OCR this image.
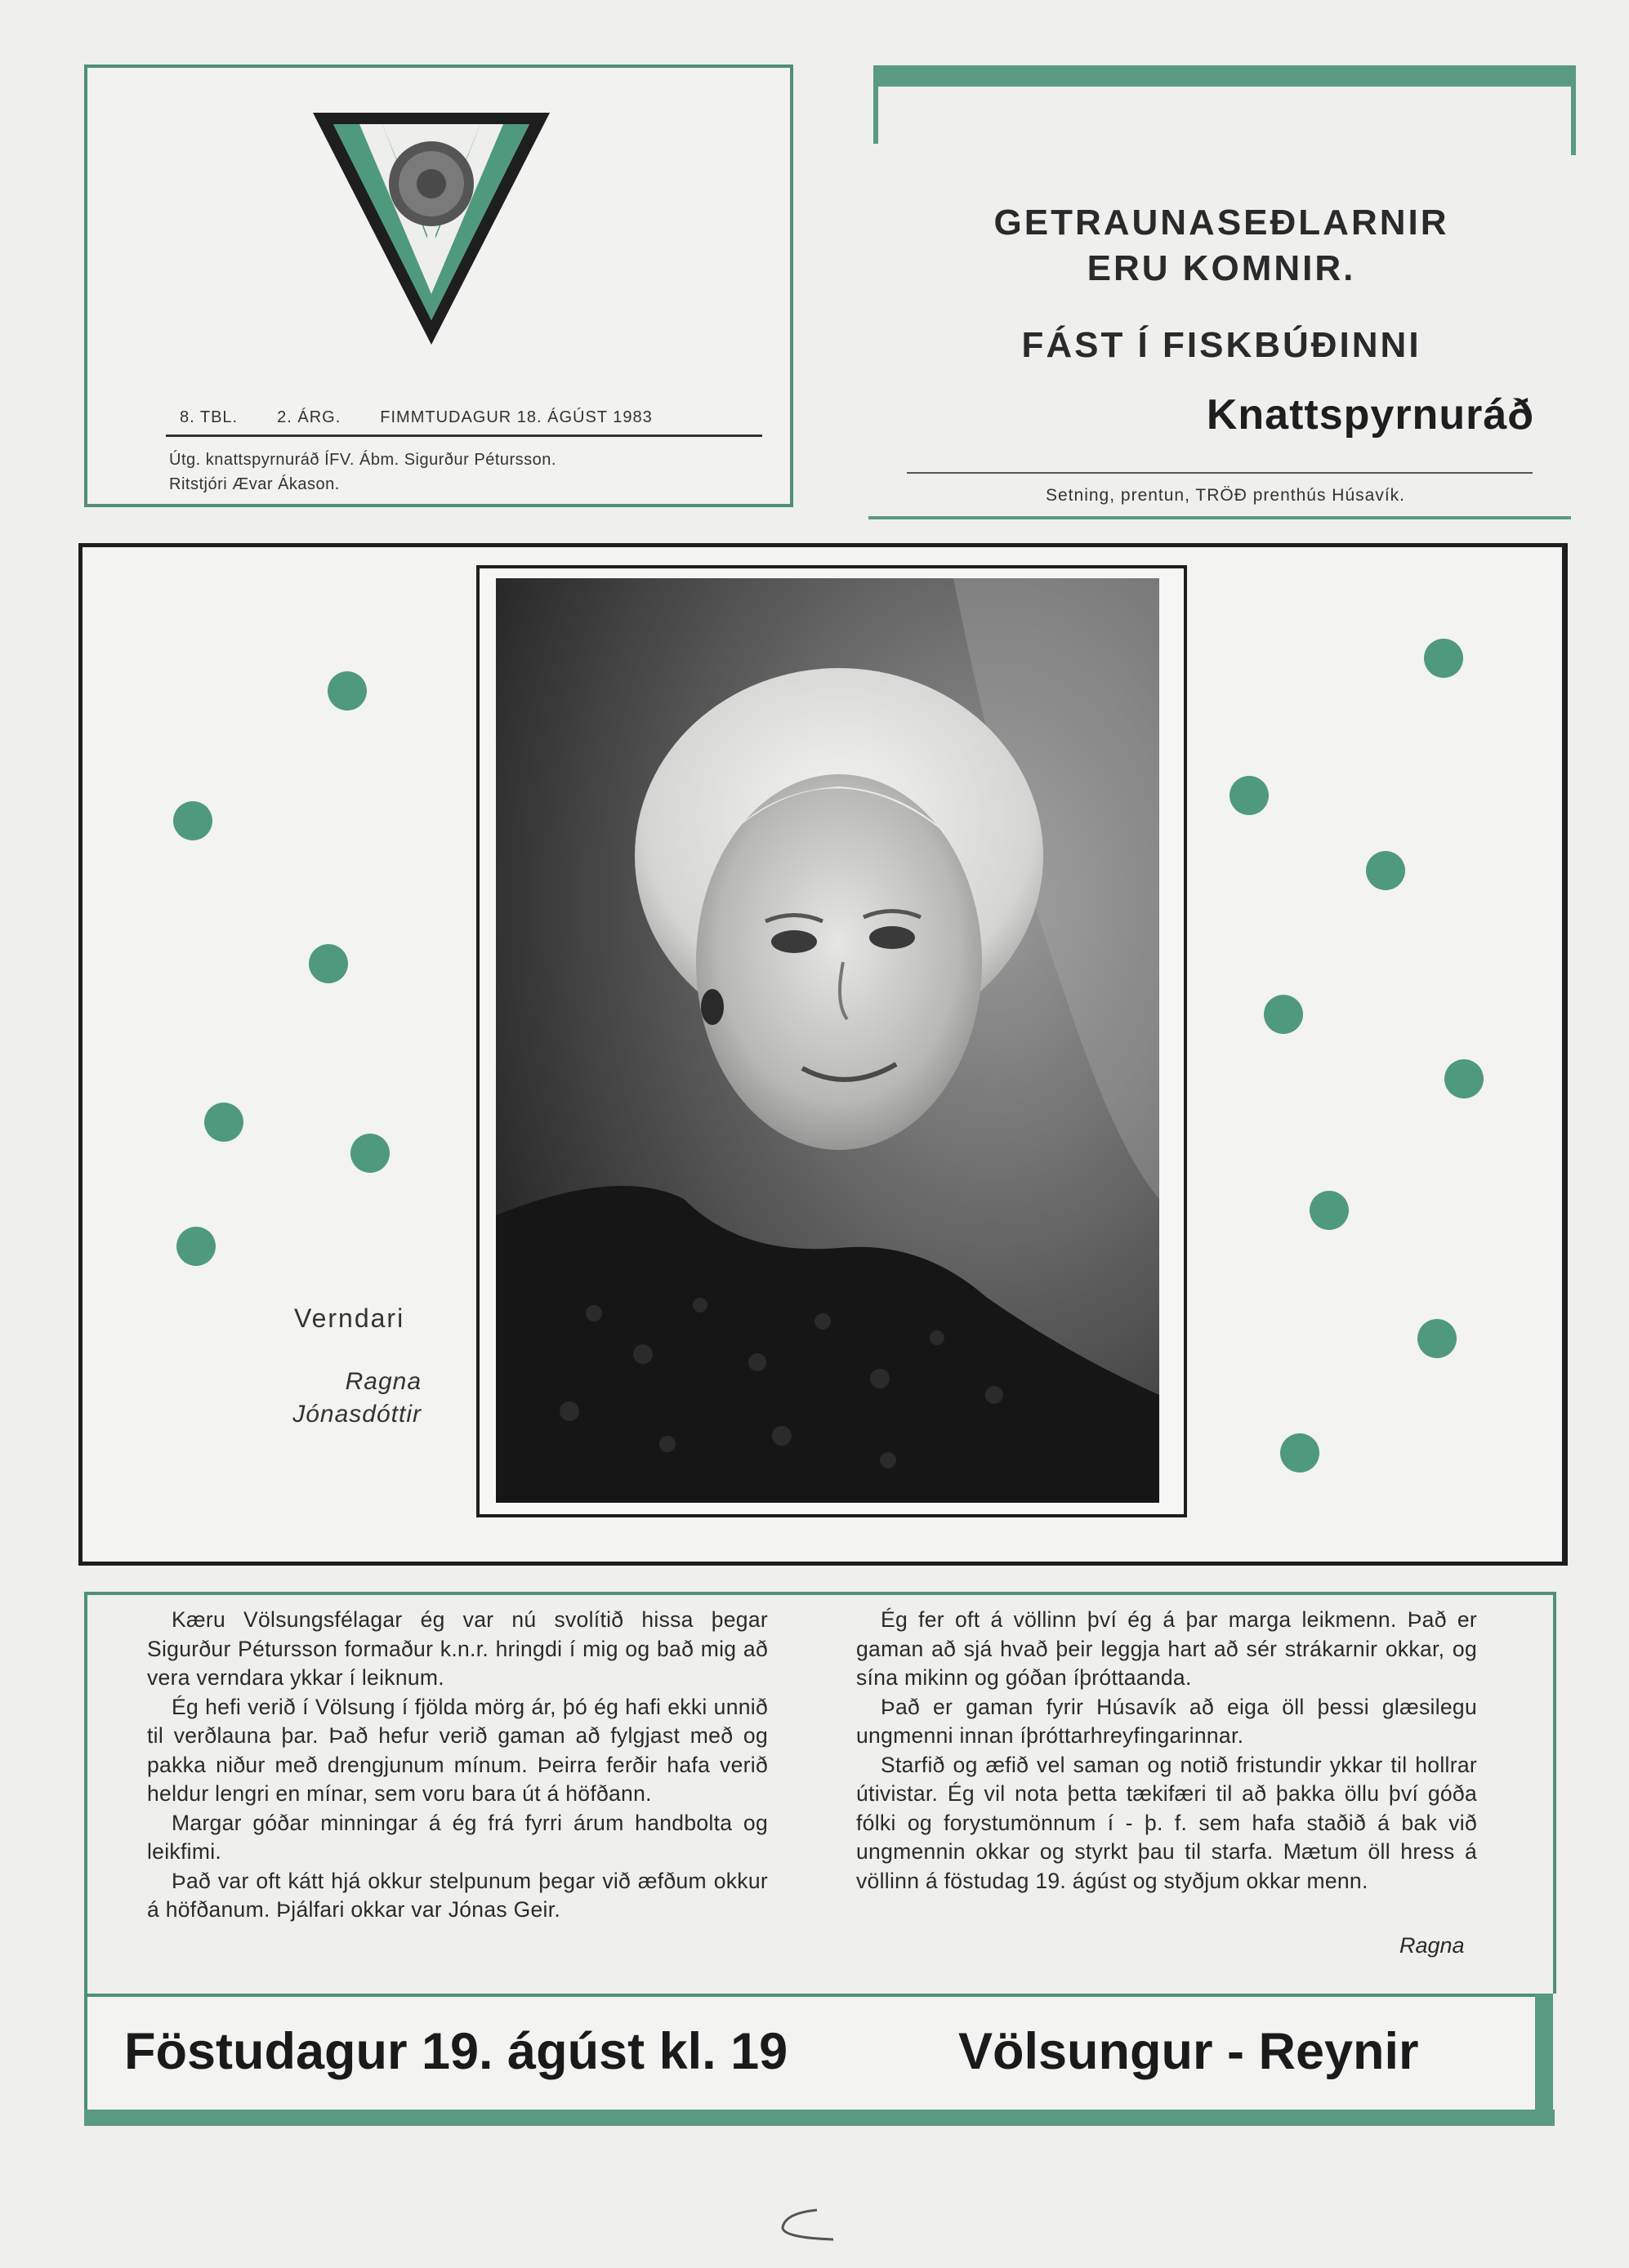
8. TBL. 2. ÁRG. FIMMTUDAGUR 18. ÁGÚST 1983
Útg. knattspyrnuráð ÍFV. Ábm. Sigurður Pétursson.
Ritstjóri Ævar Ákason.
GETRAUNASEÐLARNIR
ERU KOMNIR.
FÁST Í FISKBÚÐINNI
Knattspyrnuráð
Setning, prentun, TRÖÐ prenthús Húsavík.
Verndari
Ragna
Jónasdóttir

Kæru Völsungsfélagar ég var nú svolítið hissa þegar Sigurður Pétursson formaður k.n.r. hringdi í mig og bað mig að vera verndara ykkar í leiknum.

Ég hefi verið í Völsung í fjölda mörg ár, þó ég hafi ekki unnið til verðlauna þar. Það hefur verið gaman að fylgjast með og pakka niður með drengjunum mínum. Þeirra ferðir hafa verið heldur lengri en mínar, sem voru bara út á höfðann.

Margar góðar minningar á ég frá fyrri árum handbolta og leikfimi.

Það var oft kátt hjá okkur stelpunum þegar við æfðum okkur á höfðanum. Þjálfari okkar var Jónas Geir.

Ég fer oft á völlinn því ég á þar marga leikmenn. Það er gaman að sjá hvað þeir leggja hart að sér strákarnir okkar, og sína mikinn og góðan íþróttaanda.

Það er gaman fyrir Húsavík að eiga öll þessi glæsilegu ungmenni innan íþróttarhreyfingarinnar.

Starfið og æfið vel saman og notið fristundir ykkar til hollrar útivistar. Ég vil nota þetta tækifæri til að þakka öllu því góða fólki og forystumönnum í - þ. f. sem hafa staðið á bak við ungmennin okkar og styrkt þau til starfa. Mætum öll hress á völlinn á föstudag 19. ágúst og styðjum okkar menn.

Ragna
Föstudagur 19. ágúst kl. 19	Völsungur - Reynir
